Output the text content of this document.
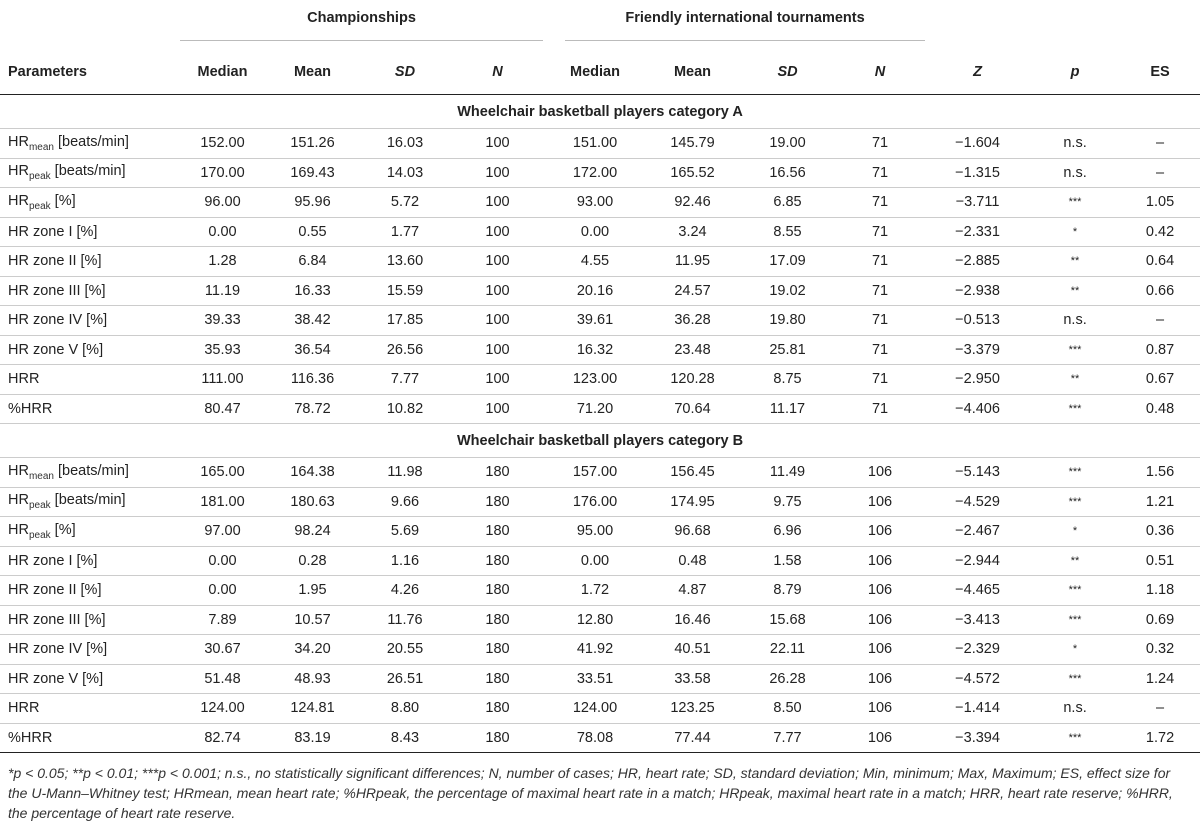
	Championships				Friendly international tournaments						

Parameters	Median	Mean	SD	N	Median	Mean	SD	N	Z	p	ES
Wheelchair basketball players category A											
$HR_{mean}$ [beats/min]	152.00	151.26	16.03	100	151.00	145.79	19.00	71	−1.604	n.s.	–
$HR_{peak}$ [beats/min]	170.00	169.43	14.03	100	172.00	165.52	16.56	71	−1.315	n.s.	–
$HR_{peak}$ [%]	96.00	95.96	5.72	100	93.00	92.46	6.85	71	−3.711	***	1.05
HR zone I [%]	0.00	0.55	1.77	100	0.00	3.24	8.55	71	−2.331	*	0.42
HR zone II [%]	1.28	6.84	13.60	100	4.55	11.95	17.09	71	−2.885	**	0.64
HR zone III [%]	11.19	16.33	15.59	100	20.16	24.57	19.02	71	−2.938	**	0.66
HR zone IV [%]	39.33	38.42	17.85	100	39.61	36.28	19.80	71	−0.513	n.s.	–
HR zone V [%]	35.93	36.54	26.56	100	16.32	23.48	25.81	71	−3.379	***	0.87
HRR	111.00	116.36	7.77	100	123.00	120.28	8.75	71	−2.950	**	0.67
%HRR	80.47	78.72	10.82	100	71.20	70.64	11.17	71	−4.406	***	0.48
Wheelchair basketball players category B											
$HR_{mean}$ [beats/min]	165.00	164.38	11.98	180	157.00	156.45	11.49	106	−5.143	***	1.56
$HR_{peak}$ [beats/min]	181.00	180.63	9.66	180	176.00	174.95	9.75	106	−4.529	***	1.21
$HR_{peak}$ [%]	97.00	98.24	5.69	180	95.00	96.68	6.96	106	−2.467	*	0.36
HR zone I [%]	0.00	0.28	1.16	180	0.00	0.48	1.58	106	−2.944	**	0.51
HR zone II [%]	0.00	1.95	4.26	180	1.72	4.87	8.79	106	−4.465	***	1.18
HR zone III [%]	7.89	10.57	11.76	180	12.80	16.46	15.68	106	−3.413	***	0.69
HR zone IV [%]	30.67	34.20	20.55	180	41.92	40.51	22.11	106	−2.329	*	0.32
HR zone V [%]	51.48	48.93	26.51	180	33.51	33.58	26.28	106	−4.572	***	1.24
HRR	124.00	124.81	8.80	180	124.00	123.25	8.50	106	−1.414	n.s.	–
%HRR	82.74	83.19	8.43	180	78.08	77.44	7.77	106	−3.394	***	1.72
*p < 0.05; **p < 0.01; ***p < 0.001; n.s., no statistically significant differences; N, number of cases; HR, heart rate; SD, standard deviation; Min, minimum; Max, Maximum; ES, effect size for the U-Mann–Whitney test; HRmean, mean heart rate; %HRpeak, the percentage of maximal heart rate in a match; HRpeak, maximal heart rate in a match; HRR, heart rate reserve; %HRR, the percentage of heart rate reserve.
